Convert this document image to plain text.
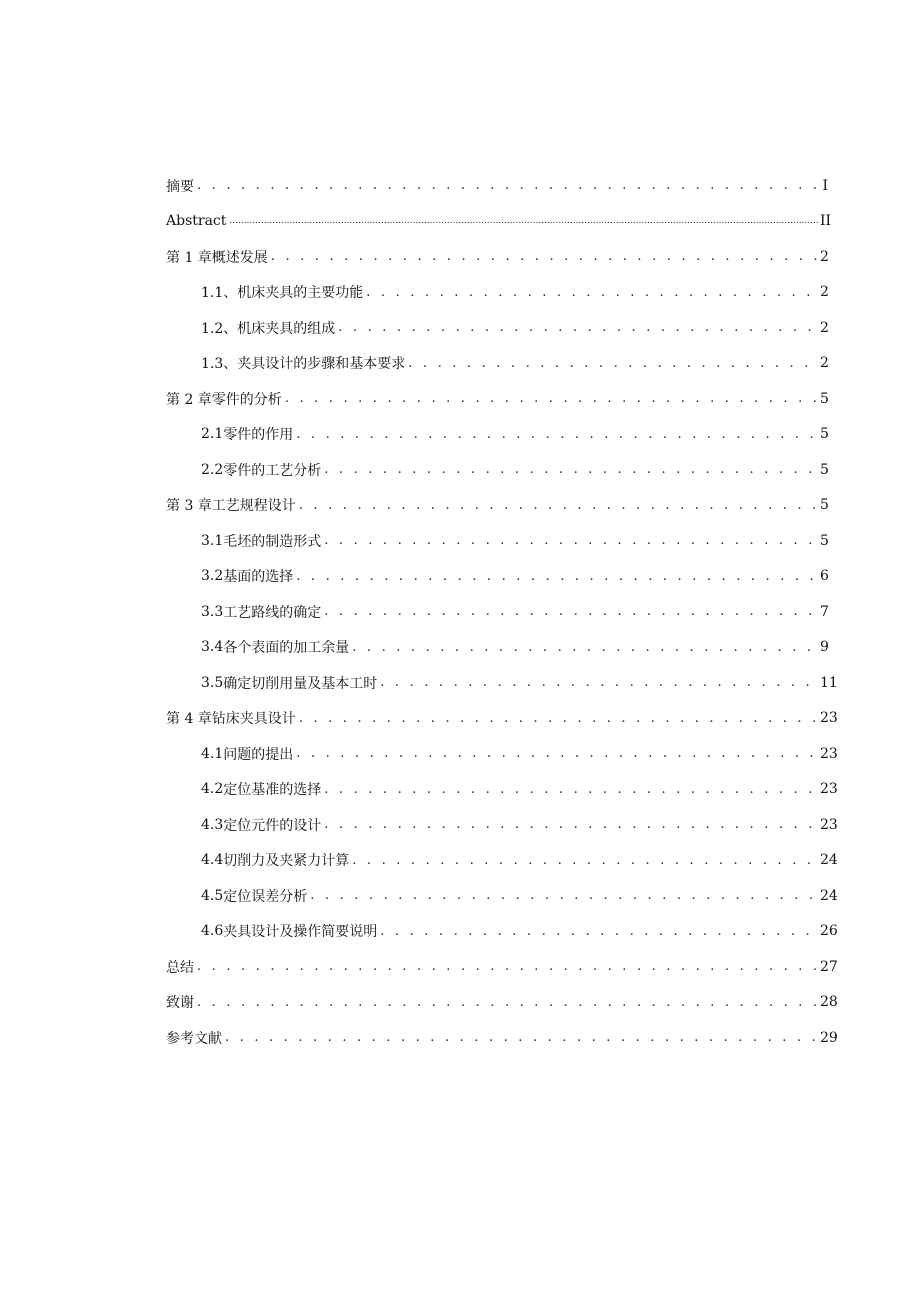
摘要 . . .	I
Abstract .....	II
第 1 章概述发展 . . .	2
1.1、 机床夹具的主要功能 . . .	2
1.2、 机床夹具的组成 . . .	2
1.3、 夹具设计的步骤和基本要求 . . .	2
第 2 章零件的分析 . . .	5
2.1 零件的作用 . . .	5
2.2 零件的工艺分析 . . .	5
第 3 章工艺规程设计 . . .	5
3.1 毛坯的制造形式 . . .	5
3.2 基面的选择 . . .	6
3.3 工艺路线的确定 . . .	7
3.4 各个表面的加工余量 . . .	9
3.5 确定切削用量及基本工时 . . .	11
第 4 章钻床夹具设计 . . .	23
4.1 问题的提出 . . .	23
4.2 定位基准的选择 . . .	23
4.3 定位元件的设计 . . .	23
4.4 切削力及夹紧力计算 . . .	24
4.5 定位误差分析 . . .	24
4.6 夹具设计及操作简要说明 . . .	26
总结 . . .	27
致谢 . . .	28
参考文献 . . .	29
